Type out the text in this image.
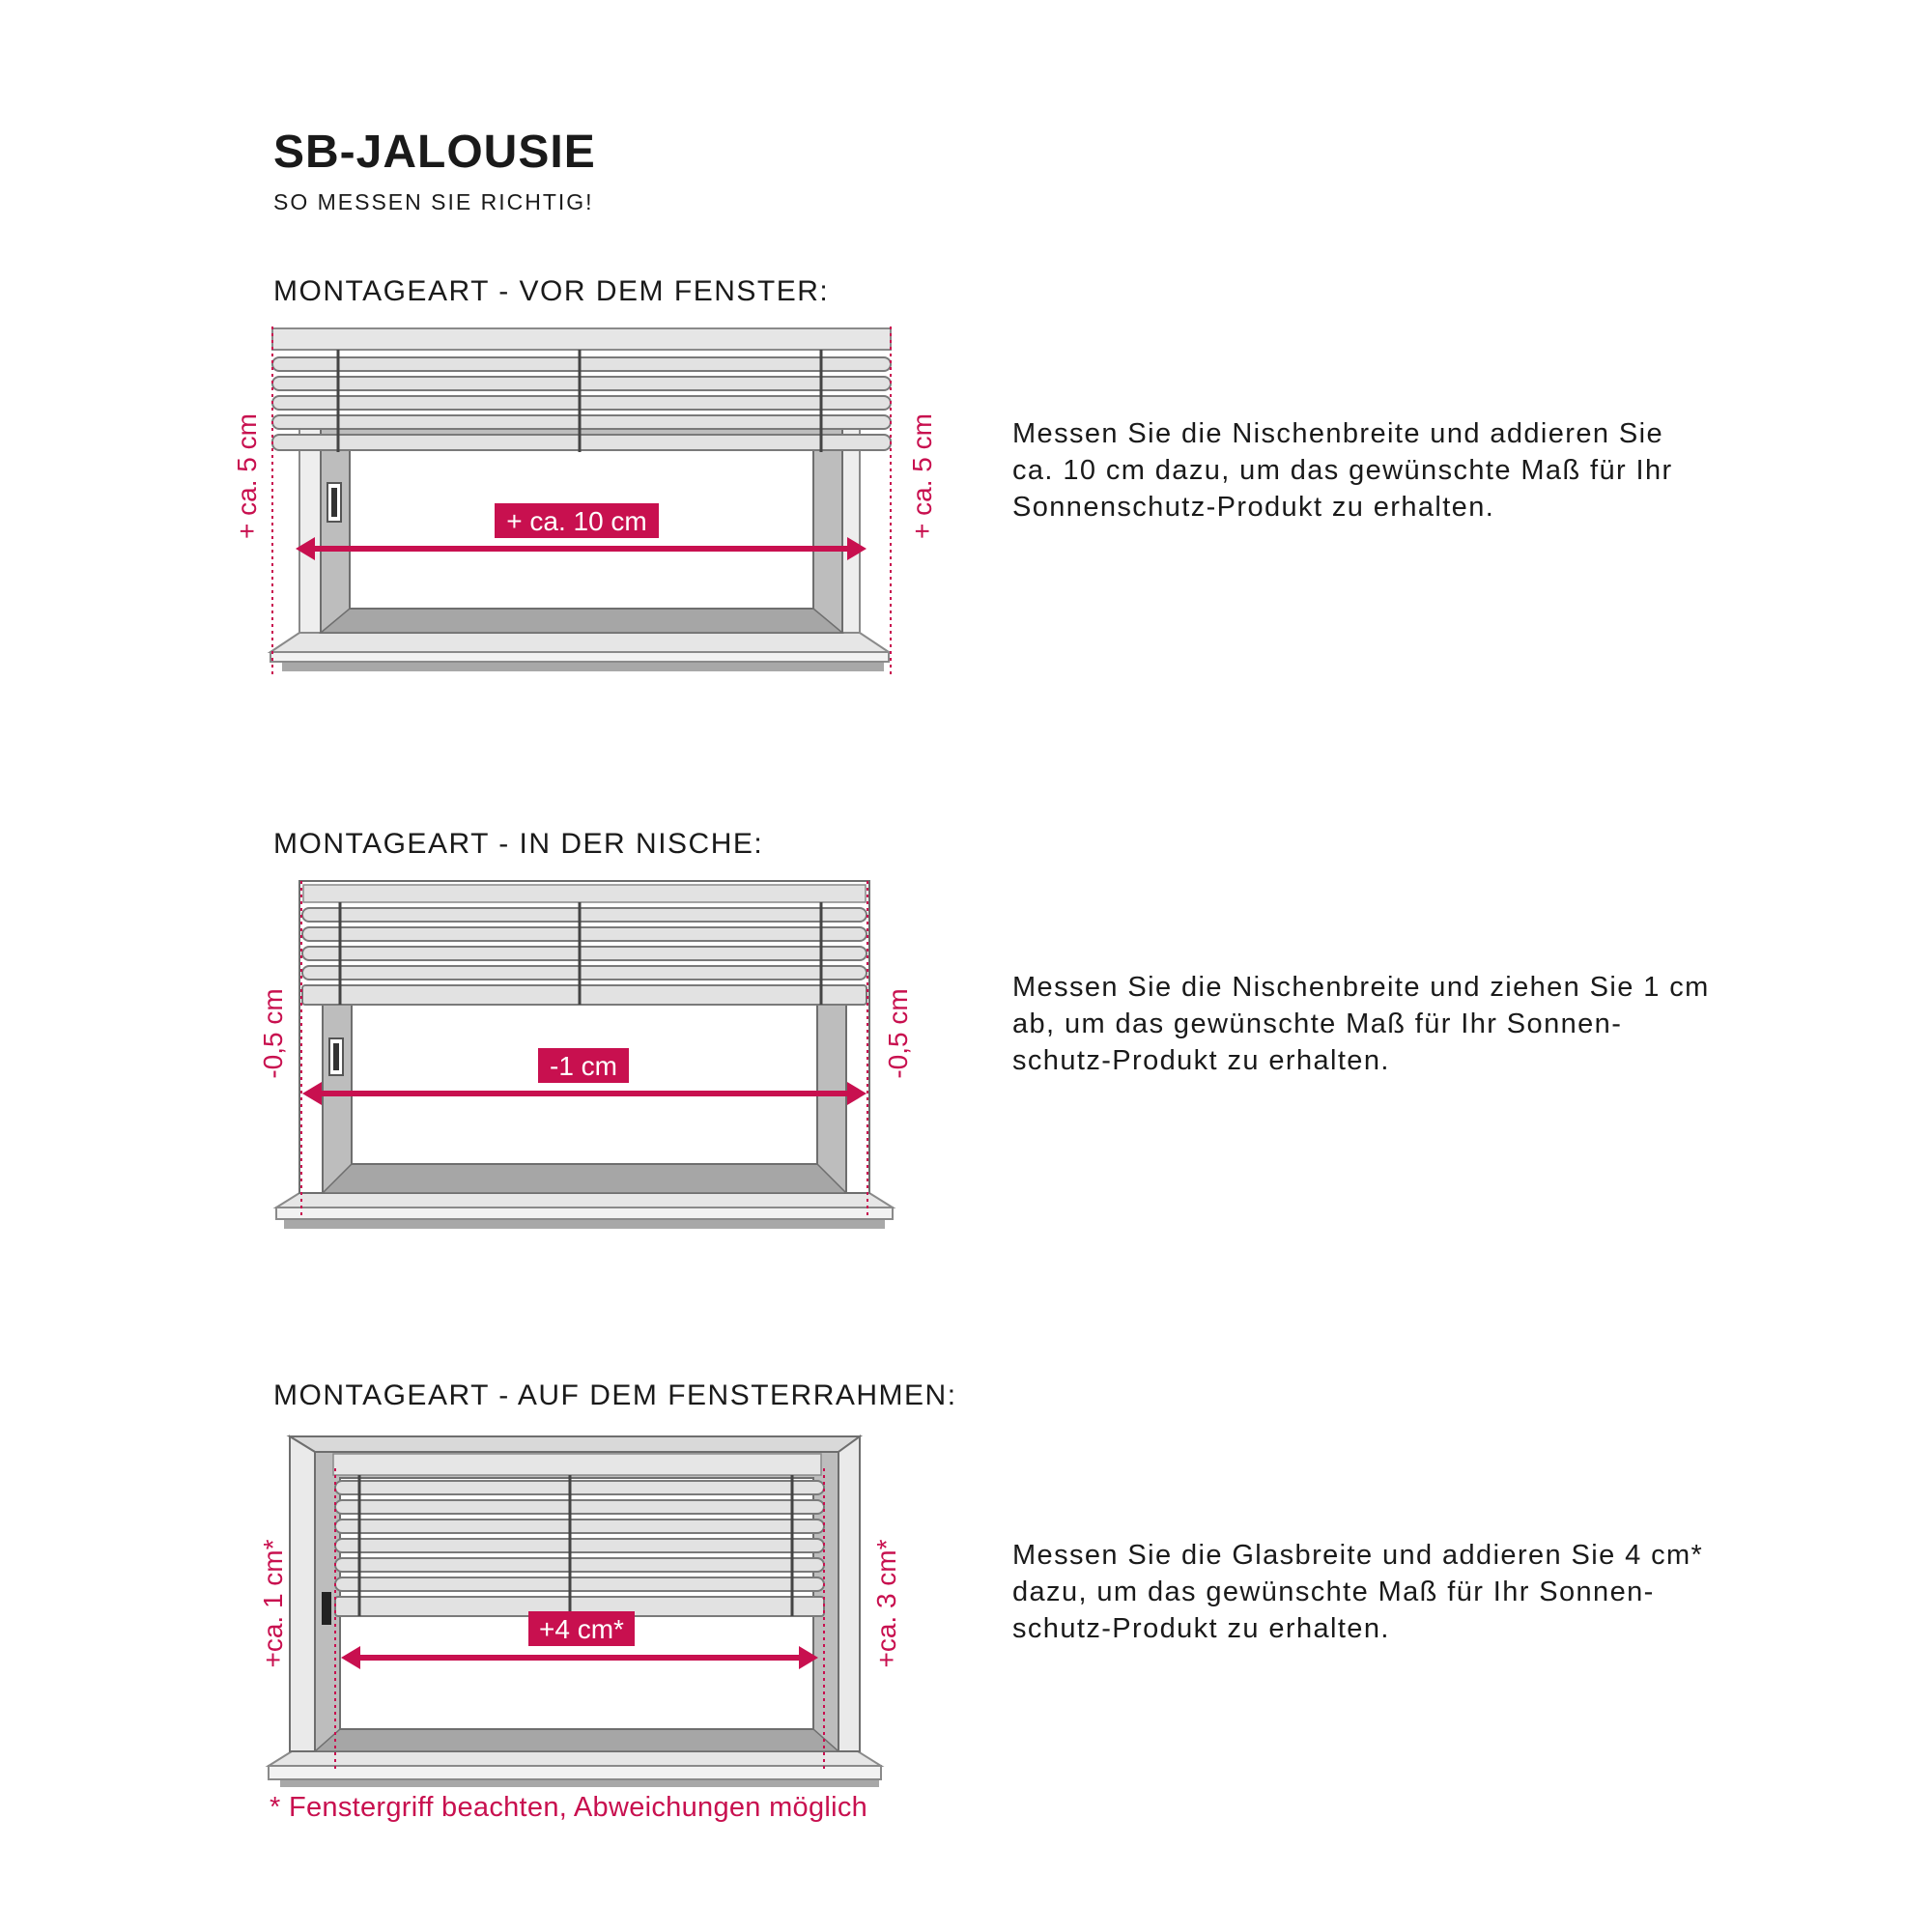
SB-JALOUSIE
SO MESSEN SIE RICHTIG!
MONTAGEART - VOR DEM FENSTER:
+ ca. 10 cm
+ ca. 5 cm	+ ca. 5 cm	Messen Sie die Nischenbreite und addieren Sie
ca. 10 cm dazu, um das gewünschte Maß für Ihr
Sonnenschutz-Produkt zu erhalten.
MONTAGEART - IN DER NISCHE:
-1 cm
-0,5 cm	-0,5 cm
Messen Sie die Nischenbreite und ziehen Sie 1 cm
ab, um das gewünschte Maß für Ihr Sonnen-
schutz-Produkt zu erhalten.
MONTAGEART - AUF DEM FENSTERRAHMEN:
+4 cm*
+ca. 1 cm*	+ca. 3 cm*	Messen Sie die Glasbreite und addieren Sie 4 cm*
dazu, um das gewünschte Maß für Ihr Sonnen-
schutz-Produkt zu erhalten.
* Fenstergriff beachten, Abweichungen möglich
